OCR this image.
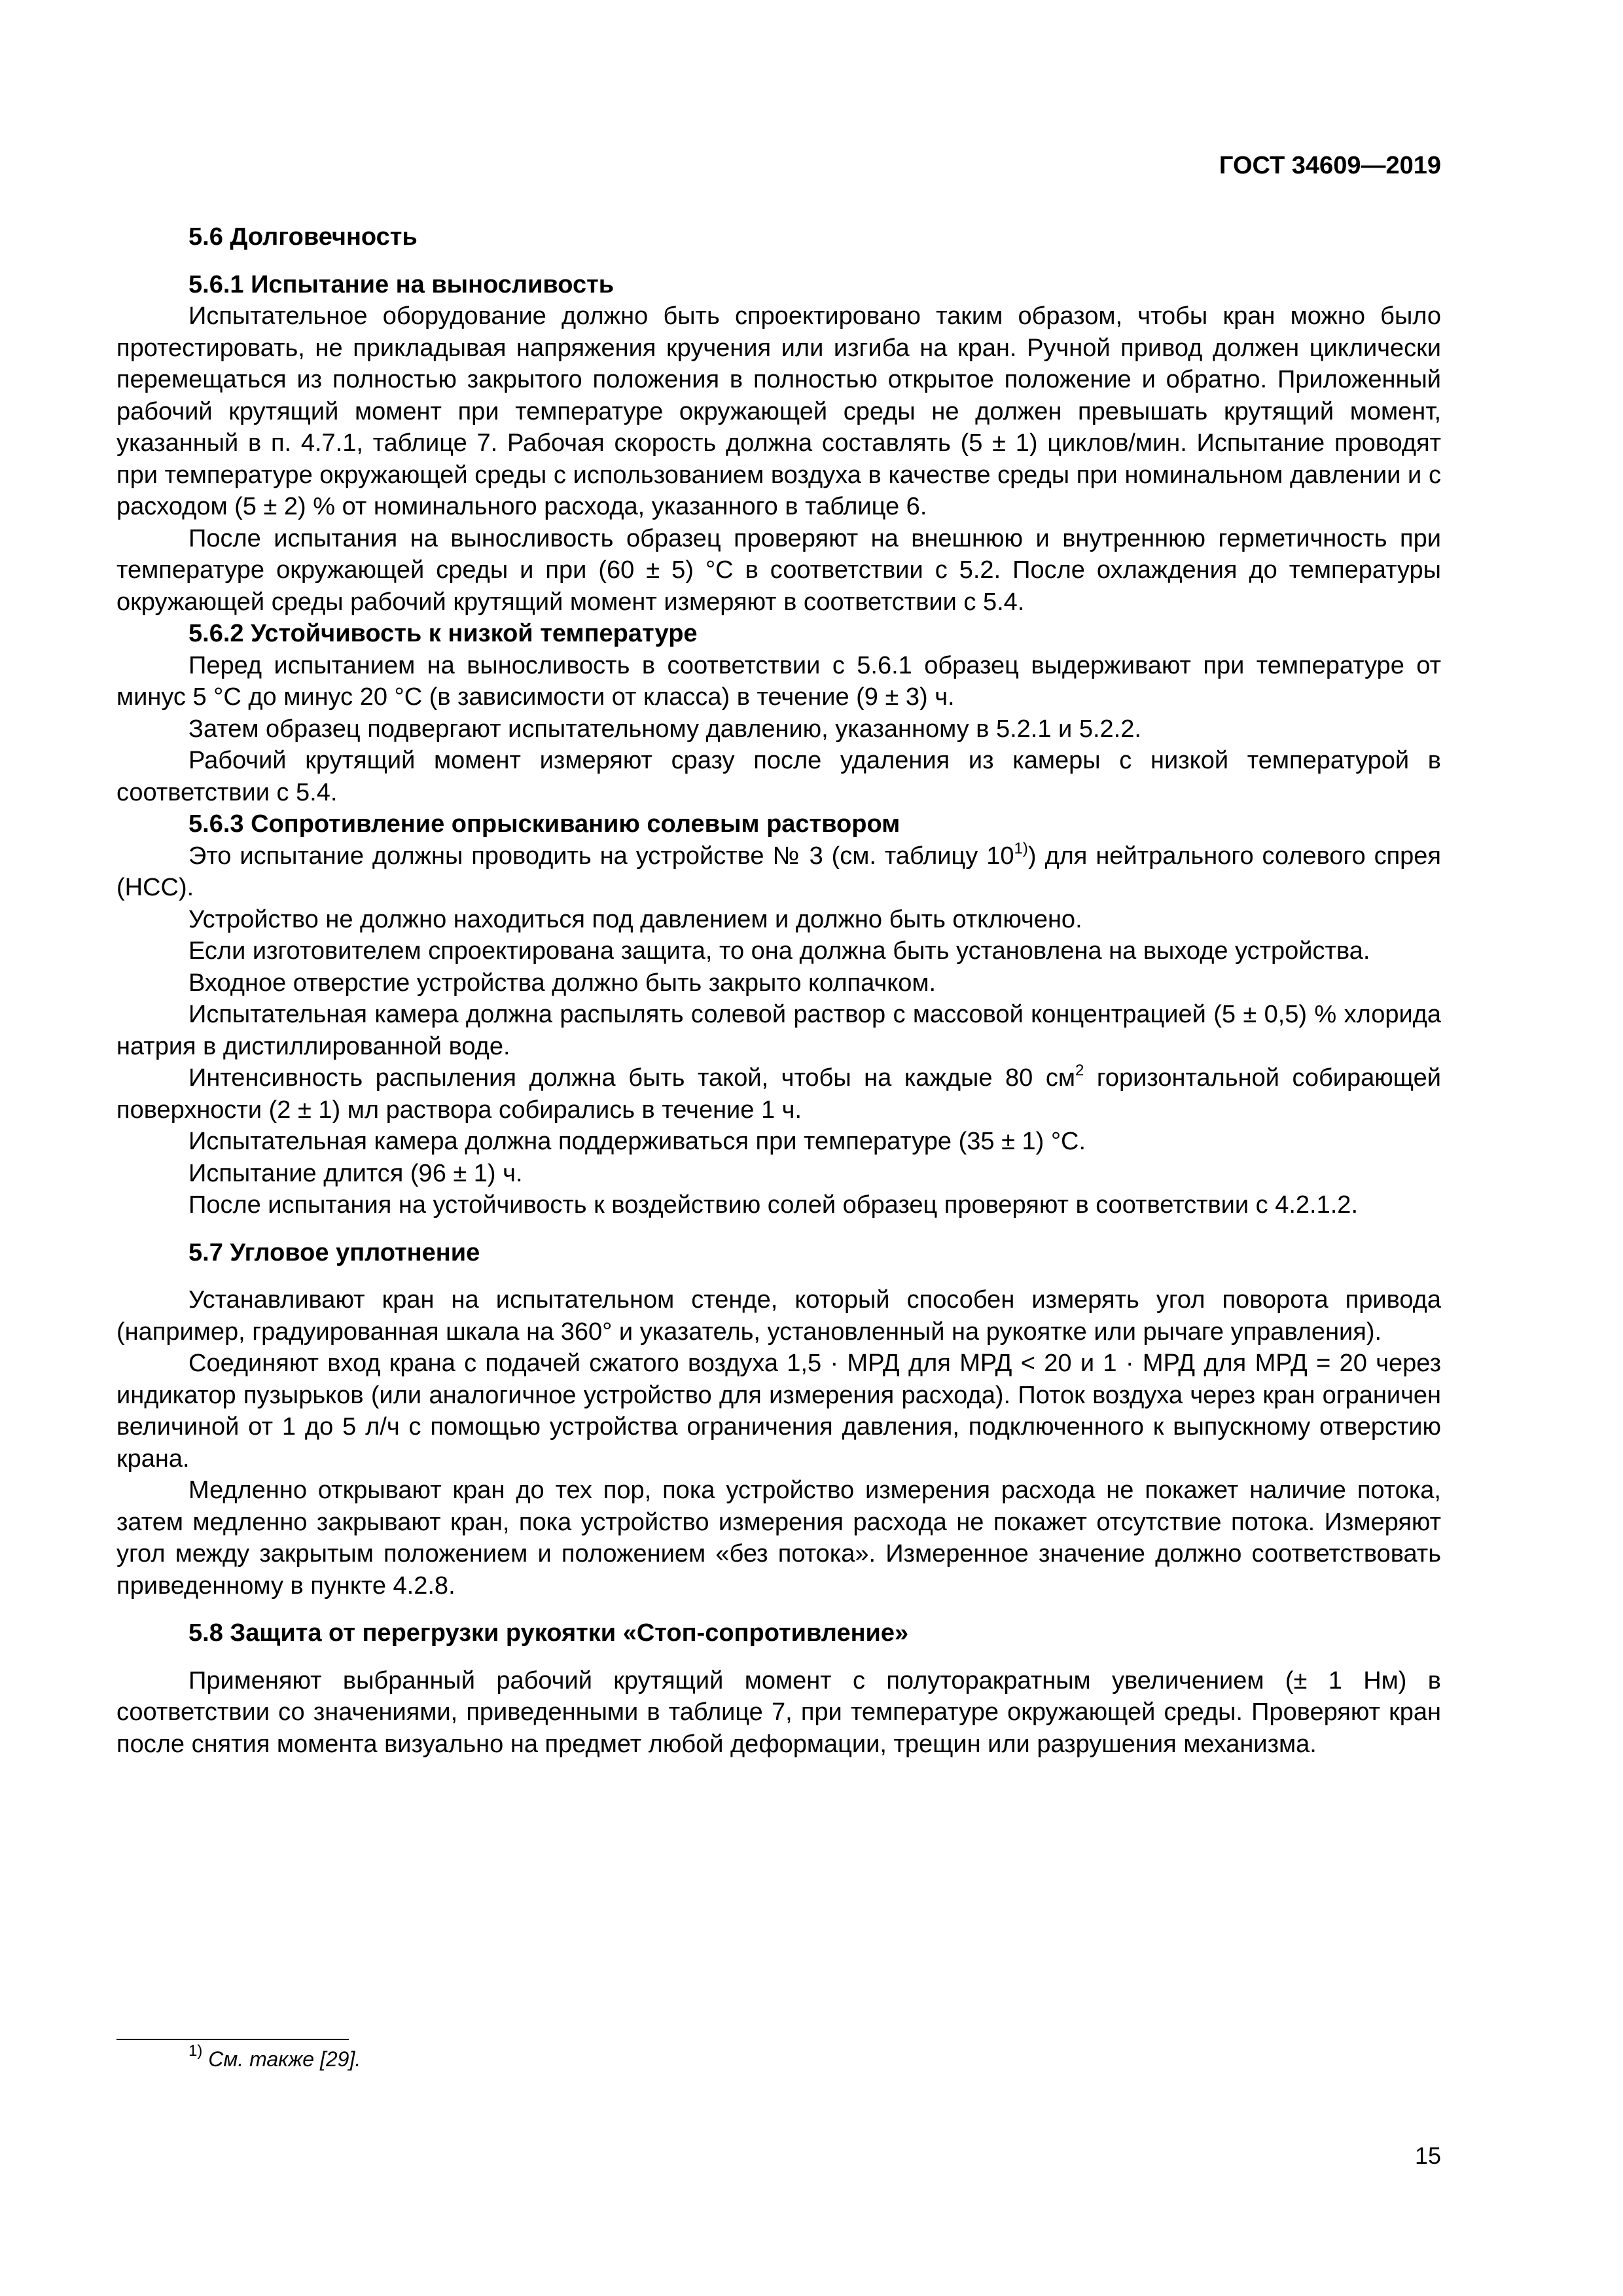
ГОСТ 34609—2019
5.6 Долговечность
5.6.1 Испытание на выносливость

Испытательное оборудование должно быть спроектировано таким образом, чтобы кран можно было протестировать, не прикладывая напряжения кручения или изгиба на кран. Ручной привод должен циклически перемещаться из полностью закрытого положения в полностью открытое положение и обратно. Приложенный рабочий крутящий момент при температуре окружающей среды не должен превышать крутящий момент, указанный в п. 4.7.1, таблице 7. Рабочая скорость должна составлять (5 ± 1) циклов/мин. Испытание проводят при температуре окружающей среды с использованием воздуха в качестве среды при номинальном давлении и с расходом (5 ± 2) % от номинального расхода, указанного в таблице 6.

После испытания на выносливость образец проверяют на внешнюю и внутреннюю герметичность при температуре окружающей среды и при (60 ± 5) °С в соответствии с 5.2. После охлаждения до температуры окружающей среды рабочий крутящий момент измеряют в соответствии с 5.4.

5.6.2 Устойчивость к низкой температуре

Перед испытанием на выносливость в соответствии с 5.6.1 образец выдерживают при температуре от минус 5 °С до минус 20 °С (в зависимости от класса) в течение (9 ± 3) ч.

Затем образец подвергают испытательному давлению, указанному в 5.2.1 и 5.2.2.

Рабочий крутящий момент измеряют сразу после удаления из камеры с низкой температурой в соответствии с 5.4.

5.6.3 Сопротивление опрыскиванию солевым раствором

Это испытание должны проводить на устройстве № 3 (см. таблицу 10$^{1)}$) для нейтрального солевого спрея (НСС).

Устройство не должно находиться под давлением и должно быть отключено.

Если изготовителем спроектирована защита, то она должна быть установлена на выходе устройства.

Входное отверстие устройства должно быть закрыто колпачком.

Испытательная камера должна распылять солевой раствор с массовой концентрацией (5 ± 0,5) % хлорида натрия в дистиллированной воде.

Интенсивность распыления должна быть такой, чтобы на каждые 80 $см^2$ горизонтальной собирающей поверхности (2 ± 1) мл раствора собирались в течение 1 ч.

Испытательная камера должна поддерживаться при температуре (35 ± 1) °С.

Испытание длится (96 ± 1) ч.

После испытания на устойчивость к воздействию солей образец проверяют в соответствии с 4.2.1.2.

5.7 Угловое уплотнение

Устанавливают кран на испытательном стенде, который способен измерять угол поворота привода (например, градуированная шкала на 360° и указатель, установленный на рукоятке или рычаге управления).

Соединяют вход крана с подачей сжатого воздуха 1,5 · МРД для МРД < 20 и 1 · МРД для МРД = 20 через индикатор пузырьков (или аналогичное устройство для измерения расхода). Поток воздуха через кран ограничен величиной от 1 до 5 л/ч с помощью устройства ограничения давления, подключенного к выпускному отверстию крана.

Медленно открывают кран до тех пор, пока устройство измерения расхода не покажет наличие потока, затем медленно закрывают кран, пока устройство измерения расхода не покажет отсутствие потока. Измеряют угол между закрытым положением и положением «без потока». Измеренное значение должно соответствовать приведенному в пункте 4.2.8.

5.8 Защита от перегрузки рукоятки «Стоп-сопротивление»

Применяют выбранный рабочий крутящий момент с полуторакратным увеличением (± 1 Нм) в соответствии со значениями, приведенными в таблице 7, при температуре окружающей среды. Проверяют кран после снятия момента визуально на предмет любой деформации, трещин или разрушения механизма.

$^{1)}$ См. также [29].
15
